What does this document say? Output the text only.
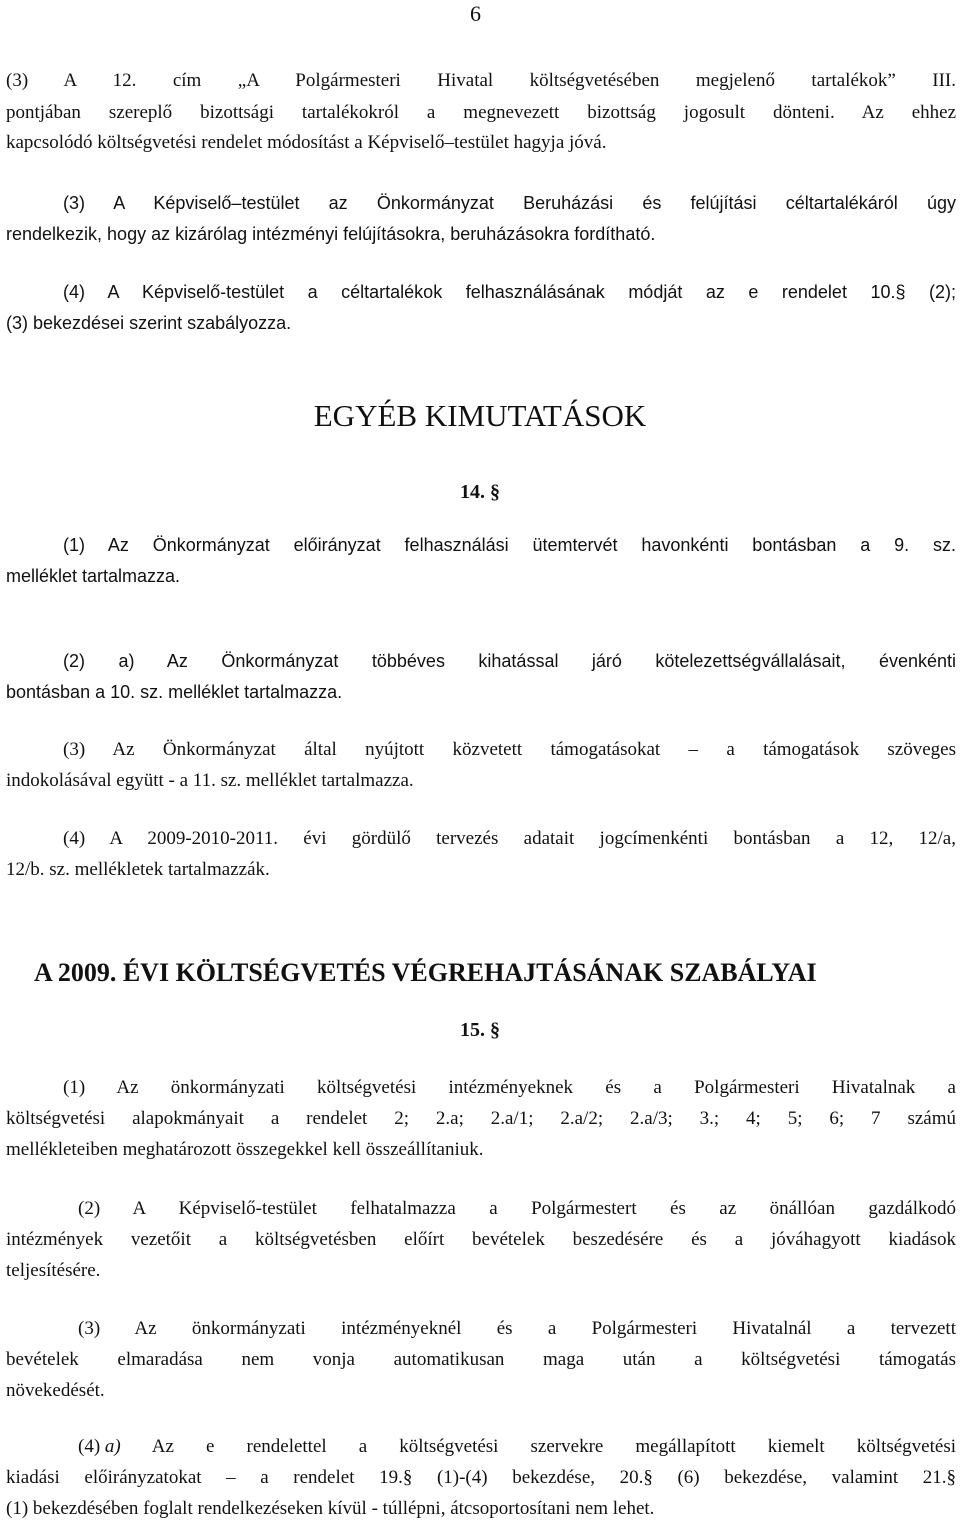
6
(3) A 12. cím „A Polgármesteri Hivatal költségvetésében megjelenő tartalékok” III.
pontjában szereplő bizottsági tartalékokról a megnevezett bizottság jogosult dönteni. Az ehhez
kapcsolódó költségvetési rendelet módosítást a Képviselő–testület hagyja jóvá.
(3) A Képviselő–testület az Önkormányzat Beruházási és felújítási céltartalékáról úgy
rendelkezik, hogy az kizárólag intézményi felújításokra, beruházásokra fordítható.
(4) A Képviselő-testület a céltartalékok felhasználásának módját az e rendelet 10.§ (2);
(3) bekezdései szerint szabályozza.
EGYÉB KIMUTATÁSOK
14. §
(1) Az Önkormányzat előirányzat felhasználási ütemtervét havonkénti bontásban a 9. sz.
melléklet tartalmazza.
(2) a) Az Önkormányzat többéves kihatással járó kötelezettségvállalásait, évenkénti
bontásban a 10. sz. melléklet tartalmazza.
(3) Az Önkormányzat által nyújtott közvetett támogatásokat – a támogatások szöveges
indokolásával együtt - a 11. sz. melléklet tartalmazza.
(4) A 2009-2010-2011. évi gördülő tervezés adatait jogcímenkénti bontásban a 12, 12/a,
12/b. sz. mellékletek tartalmazzák.
A 2009. ÉVI KÖLTSÉGVETÉS VÉGREHAJTÁSÁNAK SZABÁLYAI
15. §
(1) Az önkormányzati költségvetési intézményeknek és a Polgármesteri Hivatalnak a
költségvetési alapokmányait a rendelet 2; 2.a; 2.a/1; 2.a/2; 2.a/3; 3.; 4; 5; 6; 7 számú
mellékleteiben meghatározott összegekkel kell összeállítaniuk.
(2) A Képviselő-testület felhatalmazza a Polgármestert és az önállóan gazdálkodó
intézmények vezetőit a költségvetésben előírt bevételek beszedésére és a jóváhagyott kiadások
teljesítésére.
(3) Az önkormányzati intézményeknél és a Polgármesteri Hivatalnál a tervezett
bevételek elmaradása nem vonja automatikusan maga után a költségvetési támogatás
növekedését.
(4) a) Az e rendelettel a költségvetési szervekre megállapított kiemelt költségvetési
kiadási előirányzatokat – a rendelet 19.§ (1)-(4) bekezdése, 20.§ (6) bekezdése, valamint 21.§
(1) bekezdésében foglalt rendelkezéseken kívül - túllépni, átcsoportosítani nem lehet.
